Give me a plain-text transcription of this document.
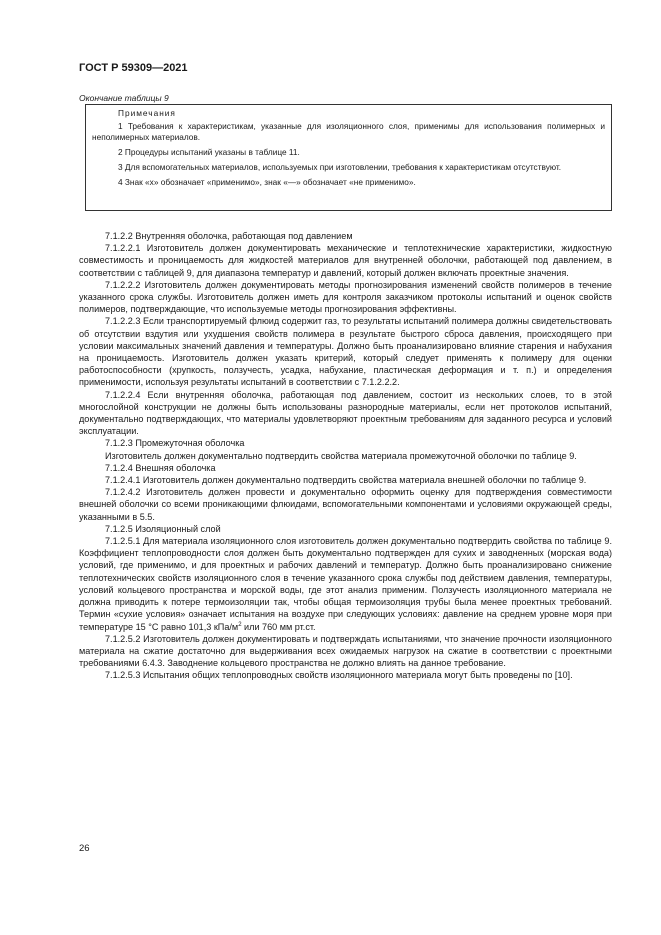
ГОСТ Р 59309—2021
Окончание таблицы 9
Примечания
1 Требования к характеристикам, указанные для изоляционного слоя, применимы для использования полимерных и неполимерных материалов.
2 Процедуры испытаний указаны в таблице 11.
3 Для вспомогательных материалов, используемых при изготовлении, требования к характеристикам отсутствуют.
4 Знак «x» обозначает «применимо», знак «—» обозначает «не применимо».
7.1.2.2 Внутренняя оболочка, работающая под давлением
7.1.2.2.1 Изготовитель должен документировать механические и теплотехнические характеристики, жидкостную совместимость и проницаемость для жидкостей материалов для внутренней оболочки, работающей под давлением, в соответствии с таблицей 9, для диапазона температур и давлений, который должен включать проектные значения.
7.1.2.2.2 Изготовитель должен документировать методы прогнозирования изменений свойств полимеров в течение указанного срока службы. Изготовитель должен иметь для контроля заказчиком протоколы испытаний и оценок свойств полимеров, подтверждающие, что используемые методы прогнозирования эффективны.
7.1.2.2.3 Если транспортируемый флюид содержит газ, то результаты испытаний полимера должны свидетельствовать об отсутствии вздутия или ухудшения свойств полимера в результате быстрого сброса давления, происходящего при условии максимальных значений давления и температуры. Должно быть проанализировано влияние старения и набухания на проницаемость. Изготовитель должен указать критерий, который следует применять к полимеру для оценки работоспособности (хрупкость, ползучесть, усадка, набухание, пластическая деформация и т. п.) и определения применимости, используя результаты испытаний в соответствии с 7.1.2.2.2.
7.1.2.2.4 Если внутренняя оболочка, работающая под давлением, состоит из нескольких слоев, то в этой многослойной конструкции не должны быть использованы разнородные материалы, если нет протоколов испытаний, документально подтверждающих, что материалы удовлетворяют проектным требованиям для заданного ресурса и условий эксплуатации.
7.1.2.3 Промежуточная оболочка
Изготовитель должен документально подтвердить свойства материала промежуточной оболочки по таблице 9.
7.1.2.4 Внешняя оболочка
7.1.2.4.1 Изготовитель должен документально подтвердить свойства материала внешней оболочки по таблице 9.
7.1.2.4.2 Изготовитель должен провести и документально оформить оценку для подтверждения совместимости внешней оболочки со всеми проникающими флюидами, вспомогательными компонентами и условиями окружающей среды, указанными в 5.5.
7.1.2.5 Изоляционный слой
7.1.2.5.1 Для материала изоляционного слоя изготовитель должен документально подтвердить свойства по таблице 9. Коэффициент теплопроводности слоя должен быть документально подтвержден для сухих и заводненных (морская вода) условий, где применимо, и для проектных и рабочих давлений и температур. Должно быть проанализировано снижение теплотехнических свойств изоляционного слоя в течение указанного срока службы под действием давления, температуры, условий кольцевого пространства и морской воды, где этот анализ применим. Ползучесть изоляционного материала не должна приводить к потере термоизоляции так, чтобы общая термоизоляция трубы была менее проектных требований. Термин «сухие условия» означает испытания на воздухе при следующих условиях: давление на среднем уровне моря при температуре 15 °C равно 101,3 кПа/$м^2$ или 760 мм рт.ст.
7.1.2.5.2 Изготовитель должен документировать и подтверждать испытаниями, что значение прочности изоляционного материала на сжатие достаточно для выдерживания всех ожидаемых нагрузок на сжатие в соответствии с проектными требованиями 6.4.3. Заводнение кольцевого пространства не должно влиять на данное требование.
7.1.2.5.3 Испытания общих теплопроводных свойств изоляционного материала могут быть проведены по [10].
26
